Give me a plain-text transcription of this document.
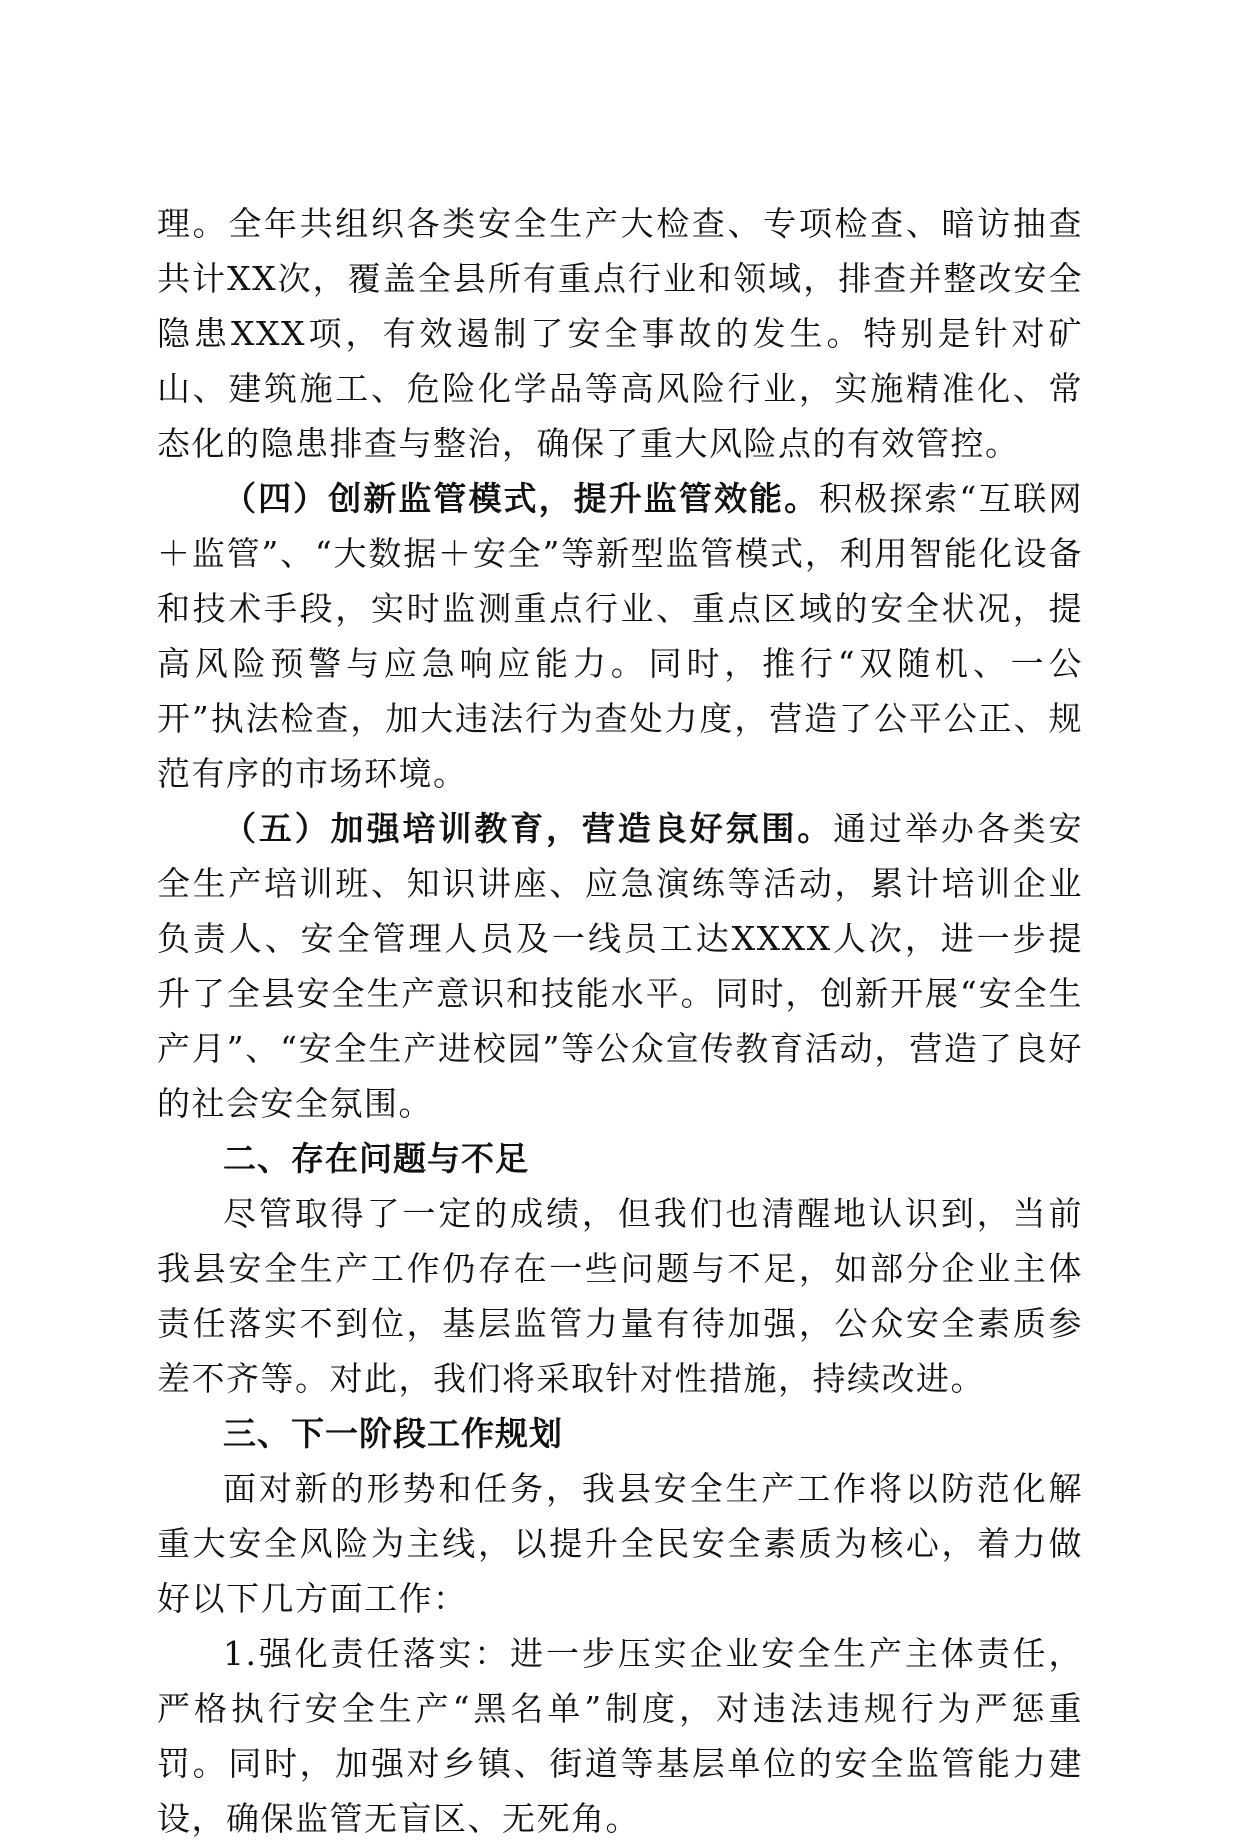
理。全年共组织各类安全生产大检查、专项检查、暗访抽查共计XX次，覆盖全县所有重点行业和领域，排查并整改安全隐患XXX项，有效遏制了安全事故的发生。特别是针对矿山、建筑施工、危险化学品等高风险行业，实施精准化、常态化的隐患排查与整治，确保了重大风险点的有效管控。

（四）创新监管模式，提升监管效能。积极探索“互联网＋监管”、“大数据＋安全”等新型监管模式，利用智能化设备和技术手段，实时监测重点行业、重点区域的安全状况，提高风险预警与应急响应能力。同时，推行“双随机、一公开”执法检查，加大违法行为查处力度，营造了公平公正、规范有序的市场环境。

（五）加强培训教育，营造良好氛围。通过举办各类安全生产培训班、知识讲座、应急演练等活动，累计培训企业负责人、安全管理人员及一线员工达XXXX人次，进一步提升了全县安全生产意识和技能水平。同时，创新开展“安全生产月”、“安全生产进校园”等公众宣传教育活动，营造了良好的社会安全氛围。

二、存在问题与不足

尽管取得了一定的成绩，但我们也清醒地认识到，当前我县安全生产工作仍存在一些问题与不足，如部分企业主体责任落实不到位，基层监管力量有待加强，公众安全素质参差不齐等。对此，我们将采取针对性措施，持续改进。

三、下一阶段工作规划

面对新的形势和任务，我县安全生产工作将以防范化解重大安全风险为主线，以提升全民安全素质为核心，着力做好以下几方面工作：

1.强化责任落实：进一步压实企业安全生产主体责任，严格执行安全生产“黑名单”制度，对违法违规行为严惩重罚。同时，加强对乡镇、街道等基层单位的安全监管能力建设，确保监管无盲区、无死角。
